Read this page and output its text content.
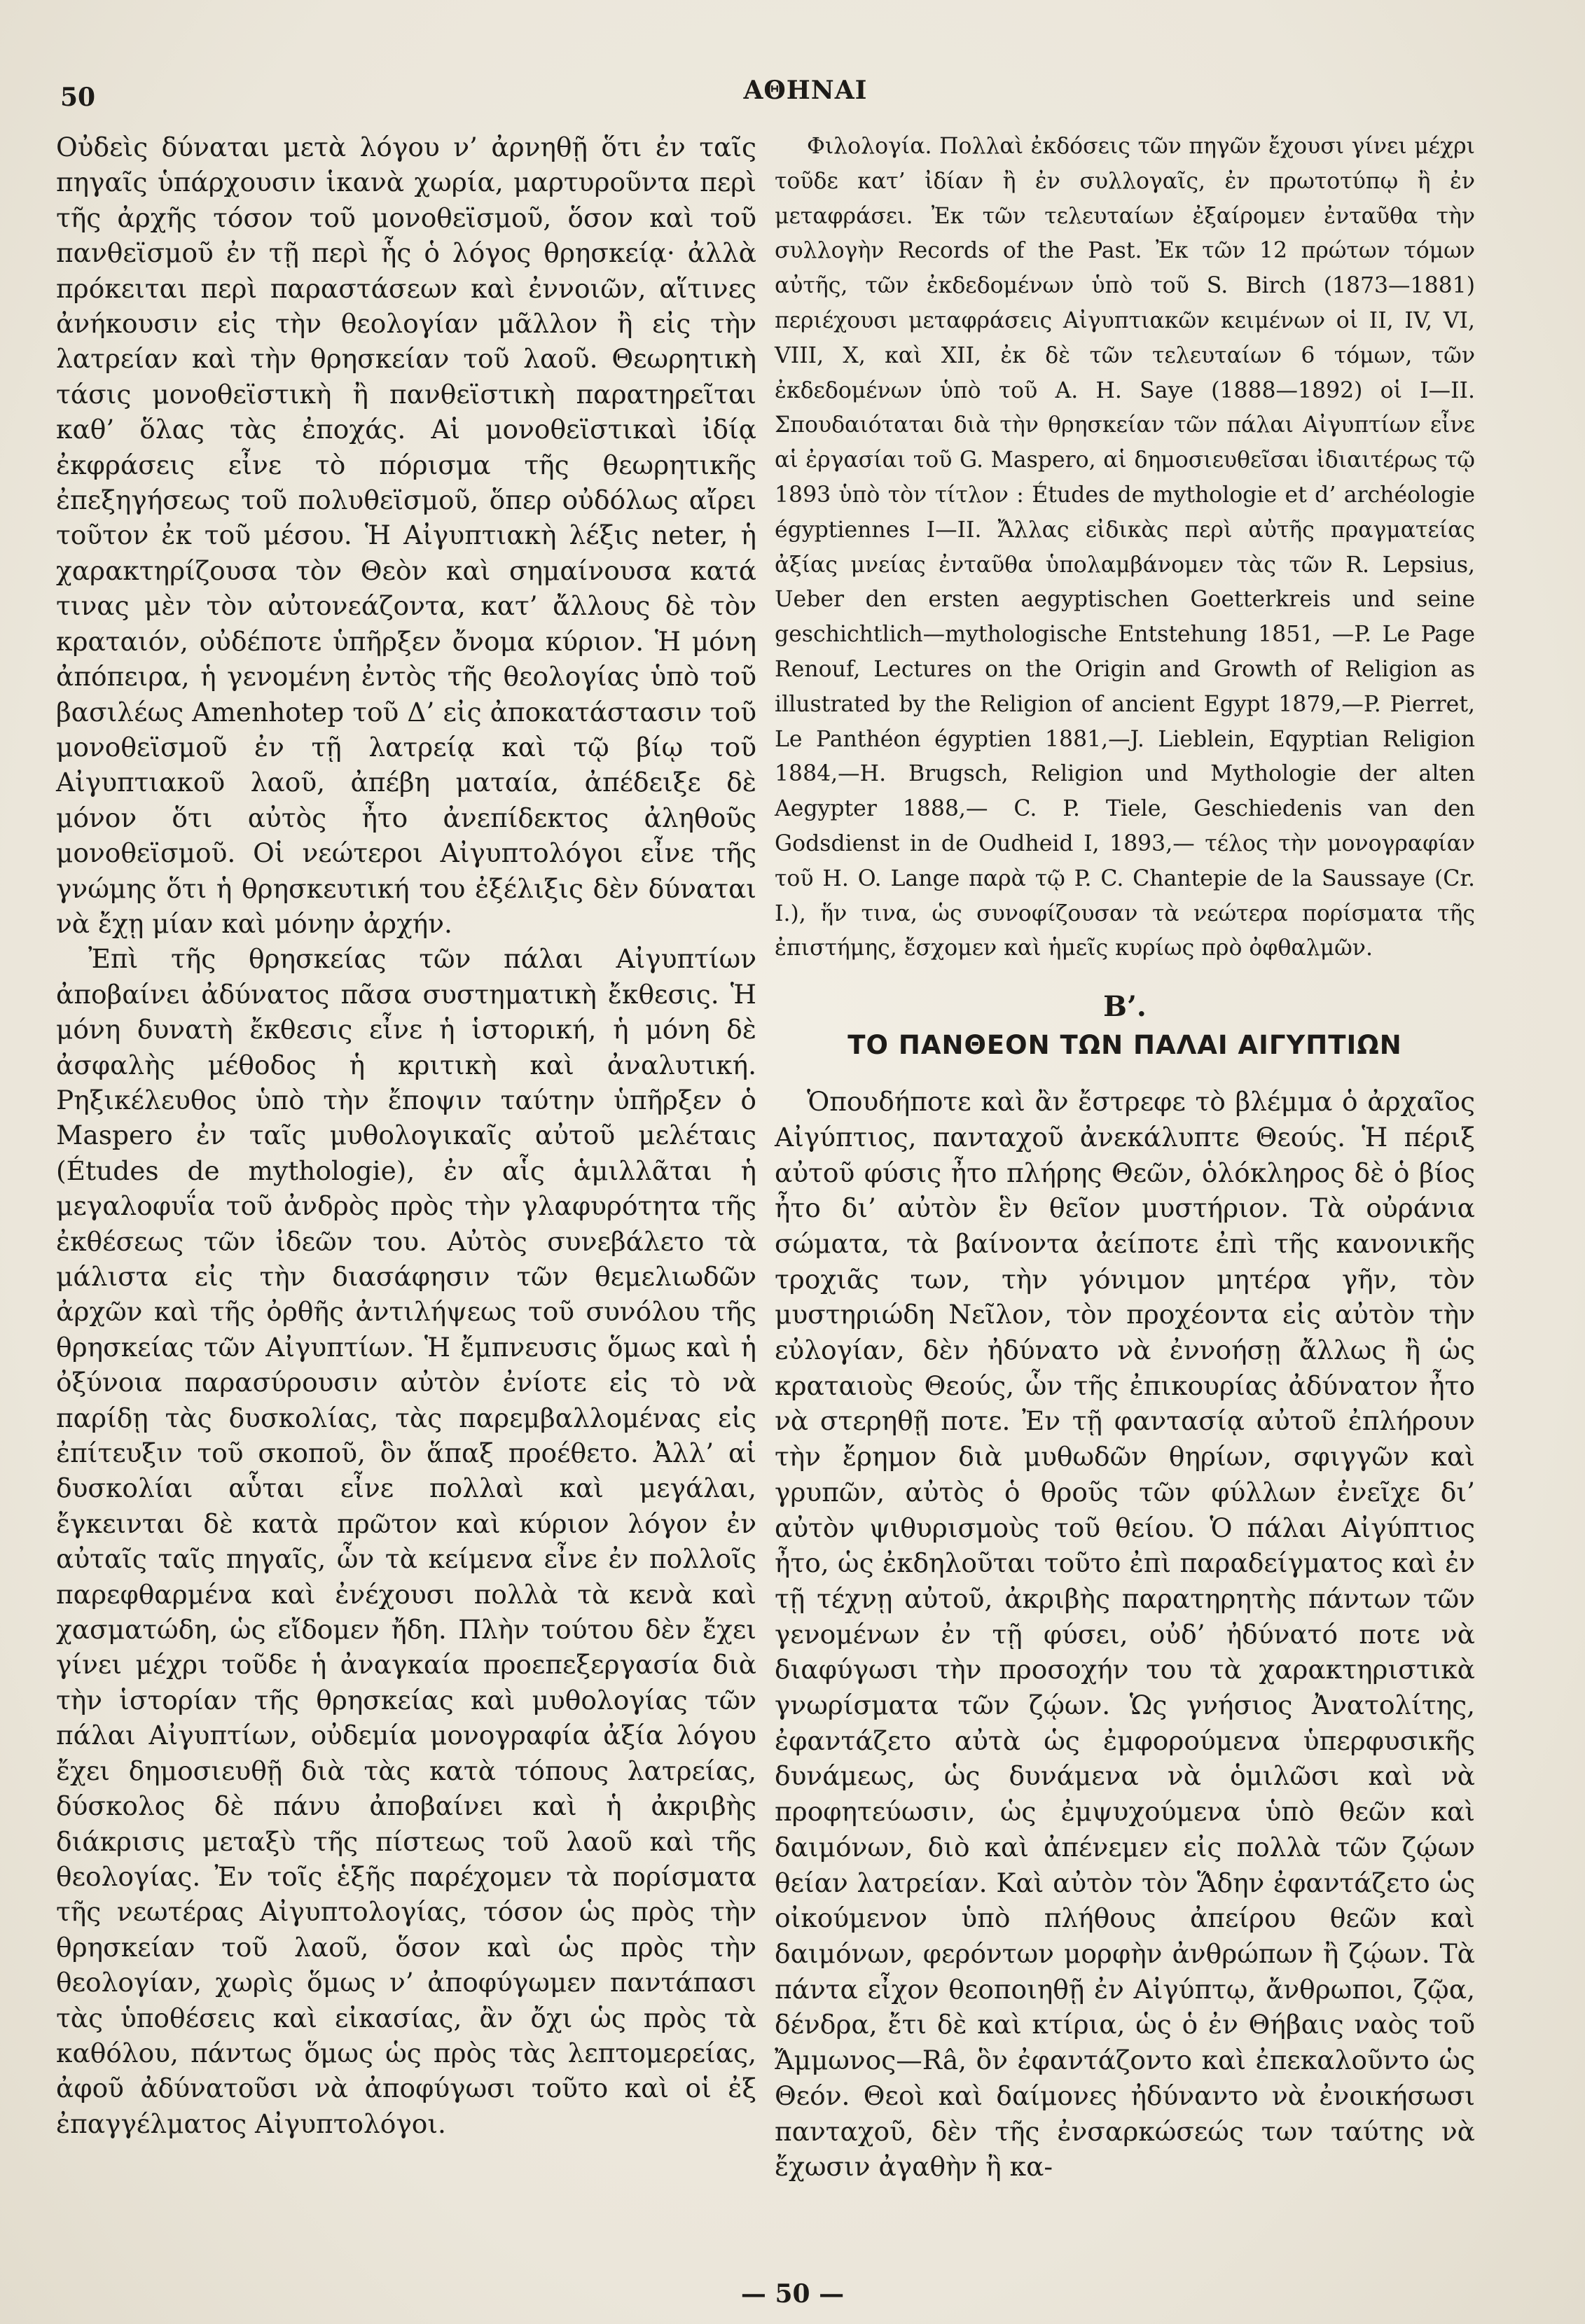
50	ΑΘΗΝΑΙ

Οὐδεὶς δύναται μετὰ λόγου ν’ ἀρνηθῇ ὅτι ἐν ταῖς πηγαῖς ὑπάρχουσιν ἱκανὰ χωρία, μαρτυροῦντα περὶ τῆς ἀρχῆς τόσον τοῦ μονοθεϊσμοῦ, ὅσον καὶ τοῦ πανθεϊσμοῦ ἐν τῇ περὶ ἧς ὁ λόγος θρησκείᾳ· ἀλλὰ πρόκειται περὶ παραστάσεων καὶ ἐννοιῶν, αἵτινες ἀνήκουσιν εἰς τὴν θεολογίαν μᾶλλον ἢ εἰς τὴν λατρείαν καὶ τὴν θρησκείαν τοῦ λαοῦ. Θεωρητικὴ τάσις μονοθεϊστικὴ ἢ πανθεϊστικὴ παρατηρεῖται καθ’ ὅλας τὰς ἐποχάς. Αἱ μονοθεϊστικαὶ ἰδίᾳ ἐκφράσεις εἶνε τὸ πόρισμα τῆς θεωρητικῆς ἐπεξηγήσεως τοῦ πολυθεϊσμοῦ, ὅπερ οὐδόλως αἴρει τοῦτον ἐκ τοῦ μέσου. Ἡ Αἰγυπτιακὴ λέξις neter, ἡ χαρακτηρίζουσα τὸν Θεὸν καὶ σημαίνουσα κατά τινας μὲν τὸν αὐτονεάζοντα, κατ’ ἄλλους δὲ τὸν κραταιόν, οὐδέποτε ὑπῆρξεν ὄνομα κύριον. Ἡ μόνη ἀπόπειρα, ἡ γενομένη ἐντὸς τῆς θεολογίας ὑπὸ τοῦ βασιλέως Amenhotep τοῦ Δ’ εἰς ἀποκατάστασιν τοῦ μονοθεϊσμοῦ ἐν τῇ λατρείᾳ καὶ τῷ βίῳ τοῦ Αἰγυπτιακοῦ λαοῦ, ἀπέβη ματαία, ἀπέδειξε δὲ μόνον ὅτι αὐτὸς ἦτο ἀνεπίδεκτος ἀληθοῦς μονοθεϊσμοῦ. Οἱ νεώτεροι Αἰγυπτολόγοι εἶνε τῆς γνώμης ὅτι ἡ θρησκευτική του ἐξέλιξις δὲν δύναται νὰ ἔχῃ μίαν καὶ μόνην ἀρχήν.

Ἐπὶ τῆς θρησκείας τῶν πάλαι Αἰγυπτίων ἀποβαίνει ἀδύνατος πᾶσα συστηματικὴ ἔκθεσις. Ἡ μόνη δυνατὴ ἔκθεσις εἶνε ἡ ἱστορική, ἡ μόνη δὲ ἀσφαλὴς μέθοδος ἡ κριτικὴ καὶ ἀναλυτική. Ρηξικέλευθος ὑπὸ τὴν ἔποψιν ταύτην ὑπῆρξεν ὁ Maspero ἐν ταῖς μυθολογικαῖς αὐτοῦ μελέταις (Études de mythologie), ἐν αἷς ἁμιλλᾶται ἡ μεγαλοφυΐα τοῦ ἀνδρὸς πρὸς τὴν γλαφυρότητα τῆς ἐκθέσεως τῶν ἰδεῶν του. Αὐτὸς συνεβάλετο τὰ μάλιστα εἰς τὴν διασάφησιν τῶν θεμελιωδῶν ἀρχῶν καὶ τῆς ὀρθῆς ἀντιλήψεως τοῦ συνόλου τῆς θρησκείας τῶν Αἰγυπτίων. Ἡ ἔμπνευσις ὅμως καὶ ἡ ὀξύνοια παρασύρουσιν αὐτὸν ἐνίοτε εἰς τὸ νὰ παρίδῃ τὰς δυσκολίας, τὰς παρεμβαλλομένας εἰς ἐπίτευξιν τοῦ σκοποῦ, ὃν ἅπαξ προέθετο. Ἀλλ’ αἱ δυσκολίαι αὗται εἶνε πολλαὶ καὶ μεγάλαι, ἔγκεινται δὲ κατὰ πρῶτον καὶ κύριον λόγον ἐν αὐταῖς ταῖς πηγαῖς, ὧν τὰ κείμενα εἶνε ἐν πολλοῖς παρεφθαρμένα καὶ ἐνέχουσι πολλὰ τὰ κενὰ καὶ χασματώδη, ὡς εἴδομεν ἤδη. Πλὴν τούτου δὲν ἔχει γίνει μέχρι τοῦδε ἡ ἀναγκαία προεπεξεργασία διὰ τὴν ἱστορίαν τῆς θρησκείας καὶ μυθολογίας τῶν πάλαι Αἰγυπτίων, οὐδεμία μονογραφία ἀξία λόγου ἔχει δημοσιευθῇ διὰ τὰς κατὰ τόπους λατρείας, δύσκολος δὲ πάνυ ἀποβαίνει καὶ ἡ ἀκριβὴς διάκρισις μεταξὺ τῆς πίστεως τοῦ λαοῦ καὶ τῆς θεολογίας. Ἐν τοῖς ἑξῆς παρέχομεν τὰ πορίσματα τῆς νεωτέρας Αἰγυπτολογίας, τόσον ὡς πρὸς τὴν θρησκείαν τοῦ λαοῦ, ὅσον καὶ ὡς πρὸς τὴν θεολογίαν, χωρὶς ὅμως ν’ ἀποφύγωμεν παντάπασι τὰς ὑποθέσεις καὶ εἰκασίας, ἂν ὄχι ὡς πρὸς τὰ καθόλου, πάντως ὅμως ὡς πρὸς τὰς λεπτομερείας, ἀφοῦ ἀδύνατοῦσι νὰ ἀποφύγωσι τοῦτο καὶ οἱ ἐξ ἐπαγγέλματος Αἰγυπτολόγοι.

Φιλολογία. Πολλαὶ ἐκδόσεις τῶν πηγῶν ἔχουσι γίνει μέχρι τοῦδε κατ’ ἰδίαν ἢ ἐν συλλογαῖς, ἐν πρωτοτύπῳ ἢ ἐν μεταφράσει. Ἐκ τῶν τελευταίων ἐξαίρομεν ἐνταῦθα τὴν συλλογὴν Records of the Past. Ἐκ τῶν 12 πρώτων τόμων αὐτῆς, τῶν ἐκδεδομένων ὑπὸ τοῦ S. Birch (1873—1881) περιέχουσι μεταφράσεις Αἰγυπτιακῶν κειμένων οἱ II, IV, VI, VIII, X, καὶ XII, ἐκ δὲ τῶν τελευταίων 6 τόμων, τῶν ἐκδεδομένων ὑπὸ τοῦ A. H. Saye (1888—1892) οἱ I—II. Σπουδαιόταται διὰ τὴν θρησκείαν τῶν πάλαι Αἰγυπτίων εἶνε αἱ ἐργασίαι τοῦ G. Maspero, αἱ δημοσιευθεῖσαι ἰδιαιτέρως τῷ 1893 ὑπὸ τὸν τίτλον : Études de mythologie et d’ archéologie égyptiennes I—II. Ἄλλας εἰδικὰς περὶ αὐτῆς πραγματείας ἀξίας μνείας ἐνταῦθα ὑπολαμβάνομεν τὰς τῶν R. Lepsius, Ueber den ersten aegyptischen Goetterkreis und seine geschichtlich—mythologische Entstehung 1851, —P. Le Page Renouf, Lectures on the Origin and Growth of Religion as illustrated by the Religion of ancient Egypt 1879,—P. Pierret, Le Panthéon égyptien 1881,—J. Lieblein, Eqyptian Religion 1884,—H. Brugsch, Religion und Mythologie der alten Aegypter 1888,— C. P. Tiele, Geschiedenis van den Godsdienst in de Oudheid I, 1893,— τέλος τὴν μονογραφίαν τοῦ H. O. Lange παρὰ τῷ P. C. Chantepie de la Saussaye (Cr. I.), ἥν τινα, ὡς συνοφίζουσαν τὰ νεώτερα πορίσματα τῆς ἐπιστήμης, ἔσχομεν καὶ ἡμεῖς κυρίως πρὸ ὀφθαλμῶν.

Β’.
ΤΟ ΠΑΝΘΕΟΝ ΤΩΝ ΠΑΛΑΙ ΑΙΓΥΠΤΙΩΝ

Ὁπουδήποτε καὶ ἂν ἔστρεφε τὸ βλέμμα ὁ ἀρχαῖος Αἰγύπτιος, πανταχοῦ ἀνεκάλυπτε Θεούς. Ἡ πέριξ αὐτοῦ φύσις ἦτο πλήρης Θεῶν, ὁλόκληρος δὲ ὁ βίος ἦτο δι’ αὐτὸν ἓν θεῖον μυστήριον. Τὰ οὐράνια σώματα, τὰ βαίνοντα ἀείποτε ἐπὶ τῆς κανονικῆς τροχιᾶς των, τὴν γόνιμον μητέρα γῆν, τὸν μυστηριώδη Νεῖλον, τὸν προχέοντα εἰς αὐτὸν τὴν εὐλογίαν, δὲν ἠδύνατο νὰ ἐννοήσῃ ἄλλως ἢ ὡς κραταιοὺς Θεούς, ὧν τῆς ἐπικουρίας ἀδύνατον ἦτο νὰ στερηθῇ ποτε. Ἐν τῇ φαντασίᾳ αὐτοῦ ἐπλήρουν τὴν ἔρημον διὰ μυθωδῶν θηρίων, σφιγγῶν καὶ γρυπῶν, αὐτὸς ὁ θροῦς τῶν φύλλων ἐνεῖχε δι’ αὐτὸν ψιθυρισμοὺς τοῦ θείου. Ὁ πάλαι Αἰγύπτιος ἦτο, ὡς ἐκδηλοῦται τοῦτο ἐπὶ παραδείγματος καὶ ἐν τῇ τέχνῃ αὐτοῦ, ἀκριβὴς παρατηρητὴς πάντων τῶν γενομένων ἐν τῇ φύσει, οὐδ’ ἠδύνατό ποτε νὰ διαφύγωσι τὴν προσοχήν του τὰ χαρακτηριστικὰ γνωρίσματα τῶν ζῴων. Ὡς γνήσιος Ἀνατολίτης, ἐφαντάζετο αὐτὰ ὡς ἐμφορούμενα ὑπερφυσικῆς δυνάμεως, ὡς δυνάμενα νὰ ὁμιλῶσι καὶ νὰ προφητεύωσιν, ὡς ἐμψυχούμενα ὑπὸ θεῶν καὶ δαιμόνων, διὸ καὶ ἀπένεμεν εἰς πολλὰ τῶν ζῴων θείαν λατρείαν. Καὶ αὐτὸν τὸν Ἅδην ἐφαντάζετο ὡς οἰκούμενον ὑπὸ πλήθους ἀπείρου θεῶν καὶ δαιμόνων, φερόντων μορφὴν ἀνθρώπων ἢ ζῴων. Τὰ πάντα εἶχον θεοποιηθῇ ἐν Αἰγύπτῳ, ἄνθρωποι, ζῷα, δένδρα, ἔτι δὲ καὶ κτίρια, ὡς ὁ ἐν Θήβαις ναὸς τοῦ Ἄμμωνος—Râ, ὃν ἐφαντάζοντο καὶ ἐπεκαλοῦντο ὡς Θεόν. Θεοὶ καὶ δαίμονες ἠδύναντο νὰ ἐνοικήσωσι πανταχοῦ, δὲν τῆς ἐνσαρκώσεώς των ταύτης νὰ ἔχωσιν ἀγαθὴν ἢ κα-

— 50 —
